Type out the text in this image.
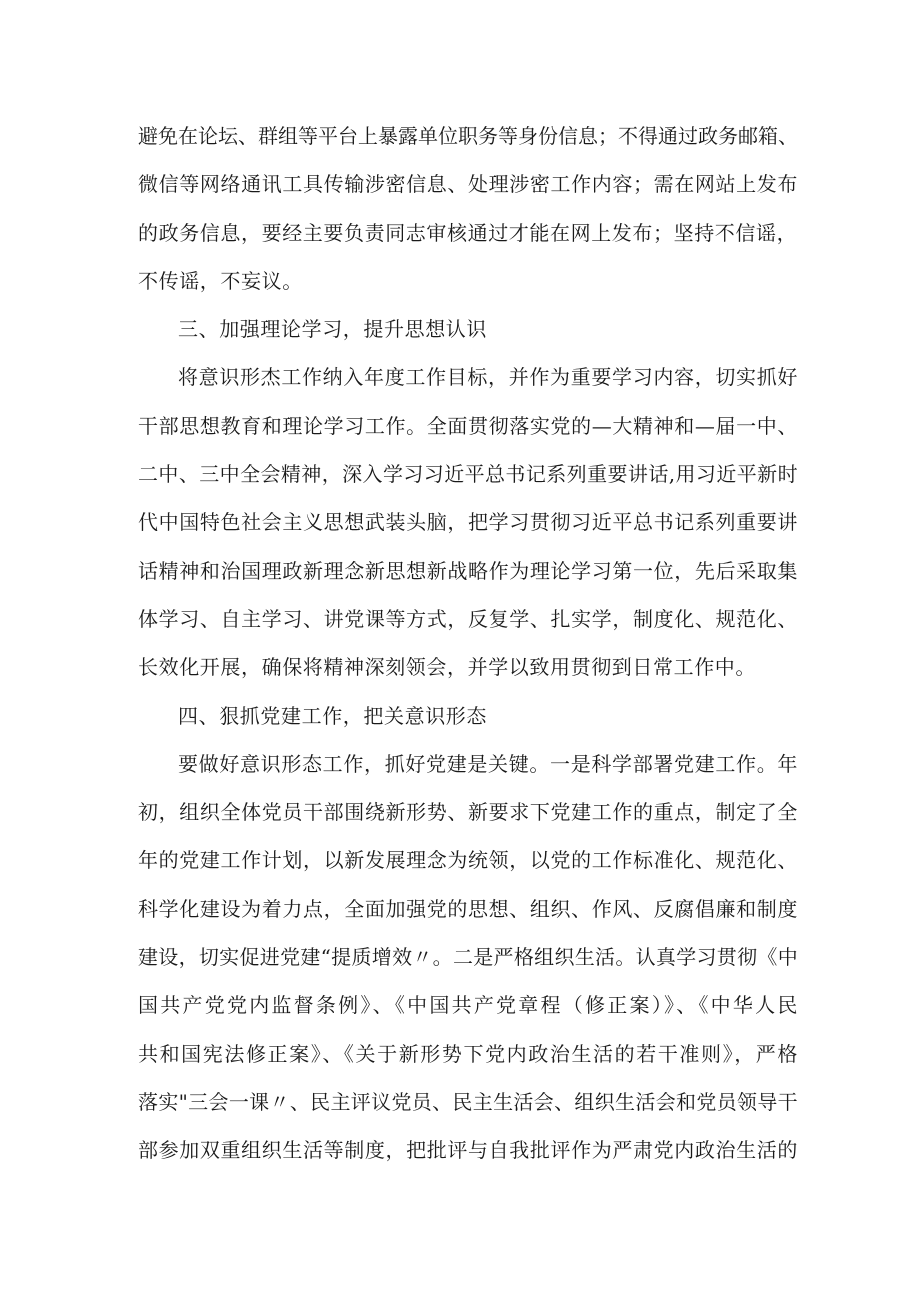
避免在论坛、群组等平台上暴露单位职务等身份信息；不得通过政务邮箱、
微信等网络通讯工具传输涉密信息、处理涉密工作内容；需在网站上发布
的政务信息，要经主要负责同志审核通过才能在网上发布；坚持不信谣，
不传谣，不妄议。
三、加强理论学习，提升思想认识
将意识形杰工作纳入年度工作目标，并作为重要学习内容，切实抓好
干部思想教育和理论学习工作。全面贯彻落实党的—大精神和—届一中、
二中、三中全会精神，深入学习习近平总书记系列重要讲话,用习近平新时
代中国特色社会主义思想武装头脑，把学习贯彻习近平总书记系列重要讲
话精神和治国理政新理念新思想新战略作为理论学习第一位，先后采取集
体学习、自主学习、讲党课等方式，反复学、扎实学，制度化、规范化、
长效化开展，确保将精神深刻领会，并学以致用贯彻到日常工作中。
四、狠抓党建工作，把关意识形态
要做好意识形态工作，抓好党建是关键。一是科学部署党建工作。年
初，组织全体党员干部围绕新形势、新要求下党建工作的重点，制定了全
年的党建工作计划，以新发展理念为统领，以党的工作标准化、规范化、
科学化建设为着力点，全面加强党的思想、组织、作风、反腐倡廉和制度
建设，切实促进党建“提质增效〃。二是严格组织生活。认真学习贯彻《中
国共产党党内监督条例》、《中国共产党章程（修正案）》、《中华人民
共和国宪法修正案》、《关于新形势下党内政治生活的若干准则》，严格
落实"三会一课〃、民主评议党员、民主生活会、组织生活会和党员领导干
部参加双重组织生活等制度，把批评与自我批评作为严肃党内政治生活的
